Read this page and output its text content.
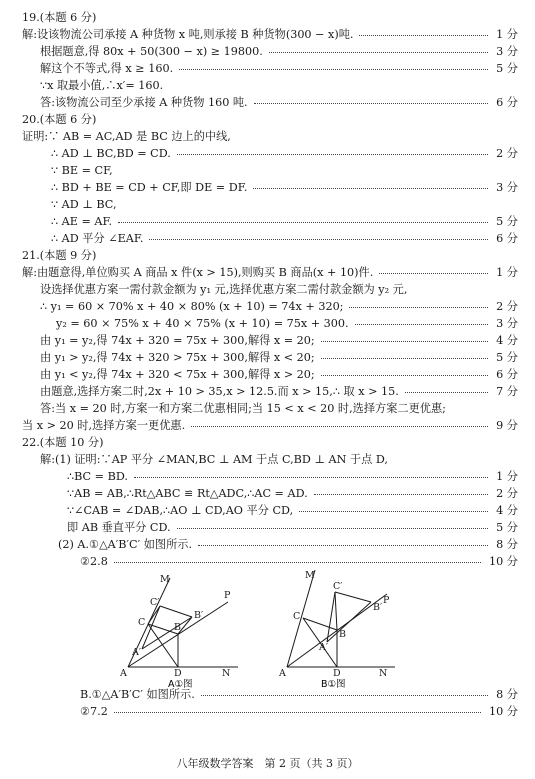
19.(本题 6 分)
解:设该物流公司承接 A 种货物 x 吨,则承接 B 种货物(300 − x)吨.	1 分
根据题意,得 80x + 50(300 − x) ≥ 19800.	3 分
解这个不等式,得 x ≥ 160.	5 分
∵x 取最小值,∴x′= 160.
答:该物流公司至少承接 A 种货物 160 吨.	6 分
20.(本题 6 分)
证明:∵ AB = AC,AD 是 BC 边上的中线,
∴ AD ⊥ BC,BD = CD.	2 分
∵ BE = CF,
∴ BD + BE = CD + CF,即 DE = DF.	3 分
∵ AD ⊥ BC,
∴ AE = AF.	5 分
∴ AD 平分 ∠EAF.	6 分
21.(本题 9 分)
解:由题意得,单位购买 A 商品 x 件(x > 15),则购买 B 商品(x + 10)件.	1 分
设选择优惠方案一需付款金额为 y₁ 元,选择优惠方案二需付款金额为 y₂ 元,
∴ y₁ = 60 × 70% x + 40 × 80% (x + 10) = 74x + 320;	2 分
y₂ = 60 × 75% x + 40 × 75% (x + 10) = 75x + 300.	3 分
由 y₁ = y₂,得 74x + 320 = 75x + 300,解得 x = 20;	4 分
由 y₁ > y₂,得 74x + 320 > 75x + 300,解得 x < 20;	5 分
由 y₁ < y₂,得 74x + 320 < 75x + 300,解得 x > 20;	6 分
由题意,选择方案二时,2x + 10 > 35,x > 12.5.而 x > 15,∴ 取 x > 15.	7 分
答:当 x = 20 时,方案一和方案二优惠相同;当 15 < x < 20 时,选择方案二更优惠;
当 x > 20 时,选择方案一更优惠.	9 分
22.(本题 10 分)
解:(1) 证明:∵AP 平分 ∠MAN,BC ⊥ AM 于点 C,BD ⊥ AN 于点 D,
∴BC = BD.	1 分
∵AB = AB,∴Rt△ABC ≌ Rt△ADC,∴AC = AD.	2 分
∵∠CAB = ∠DAB,∴AO ⊥ CD,AO 平分 CD,	4 分
即 AB 垂直平分 CD.	5 分
(2) A.①△A′B′C′ 如图所示.	8 分
②2.8	10 分
B.①△A′B′C′ 如图所示.	8 分
②7.2	10 分
M
P
C′
C	B
B′
A′
A	D	N
A①图
M
P
C′
B′
C
B
A′
A	D	N
B①图
八年级数学答案　第 2 页（共 3 页）
